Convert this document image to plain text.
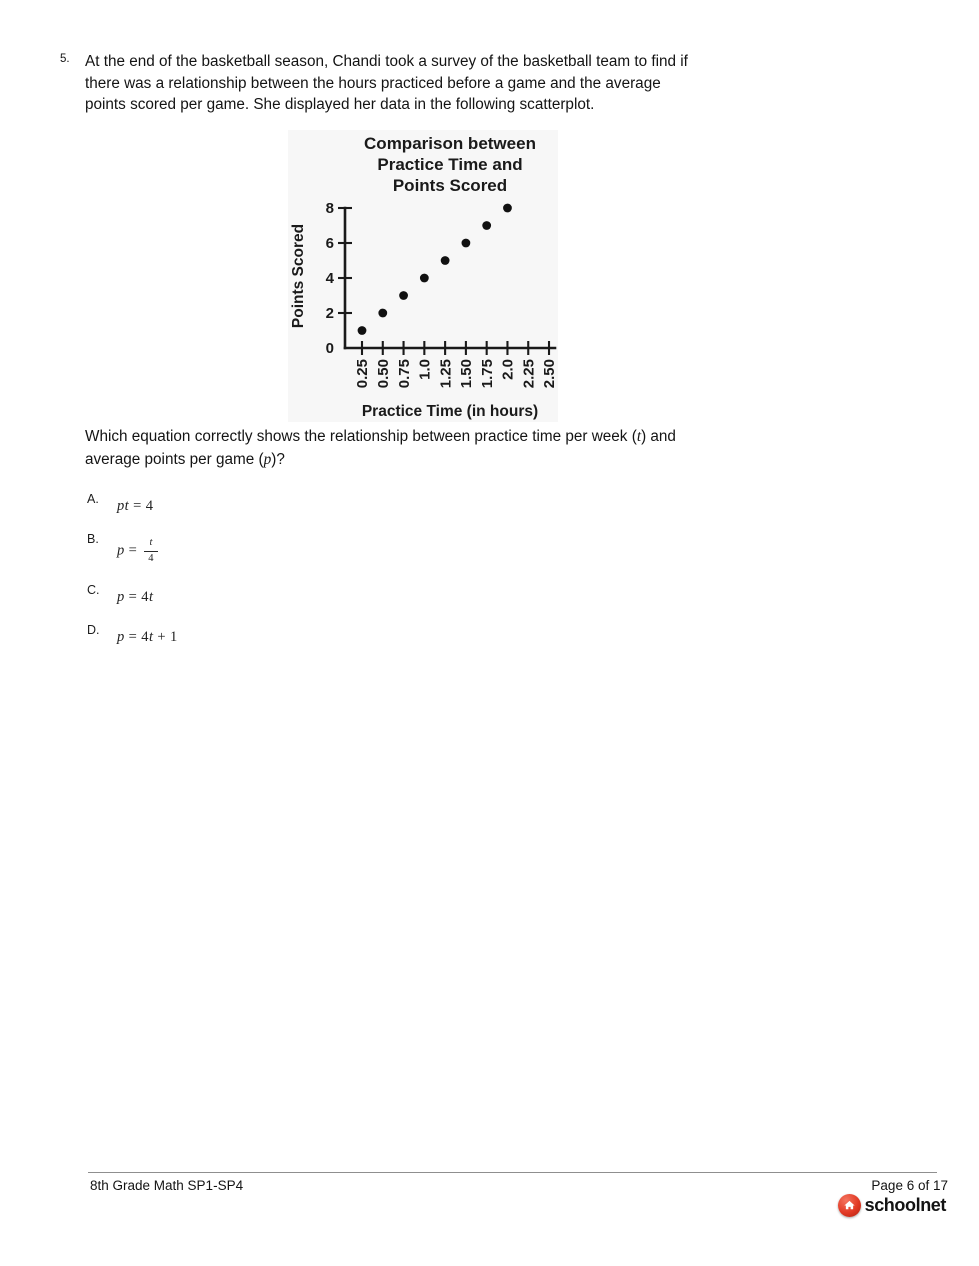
5. At the end of the basketball season, Chandi took a survey of the basketball team to find if
there was a relationship between the hours practiced before a game and the average
points scored per game. She displayed her data in the following scatterplot.
Comparison between
Practice Time and
Points Scored
0
2
4
6
8
0.25 0.50 0.75 1.0 1.25 1.50 1.75 2.0 2.25 2.50
Points Scored
Practice Time (in hours)
Which equation correctly shows the relationship between practice time per week (t) and
average points per game (p)?
A.	pt = 4
B.
$p = \frac{t}{4}$
C.	p = 4t
D.	p = 4t + 1
8th Grade Math SP1-SP4	Page 6 of 17
schoolnet
